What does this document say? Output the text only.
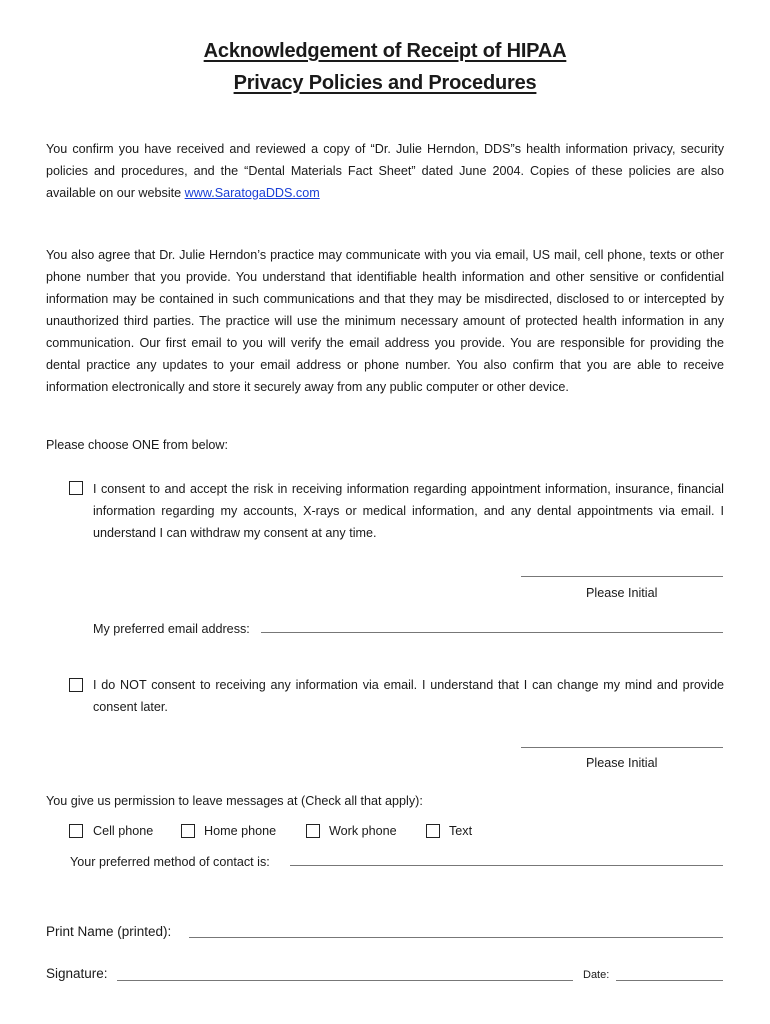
Acknowledgement of Receipt of HIPAA
Privacy Policies and Procedures

You confirm you have received and reviewed a copy of “Dr. Julie Herndon, DDS”s health information privacy, security policies and procedures, and the “Dental Materials Fact Sheet” dated June 2004. Copies of these policies are also available on our website www.SaratogaDDS.com

You also agree that Dr. Julie Herndon’s practice may communicate with you via email, US mail, cell phone, texts or other phone number that you provide. You understand that identifiable health information and other sensitive or confidential information may be contained in such communications and that they may be misdirected, disclosed to or intercepted by unauthorized third parties. The practice will use the minimum necessary amount of protected health information in any communication. Our first email to you will verify the email address you provide. You are responsible for providing the dental practice any updates to your email address or phone number. You also confirm that you are able to receive information electronically and store it securely away from any public computer or other device.

Please choose ONE from below:

I consent to and accept the risk in receiving information regarding appointment information, insurance, financial information regarding my accounts, X-rays or medical information, and any dental appointments via email. I understand I can withdraw my consent at any time.

Please Initial
My preferred email address:

I do NOT consent to receiving any information via email. I understand that I can change my mind and provide consent later.

Please Initial
You give us permission to leave messages at (Check all that apply):
Cell phone	Home phone	Work phone	Text
Your preferred method of contact is:
Print Name (printed):
Signature:	Date:
